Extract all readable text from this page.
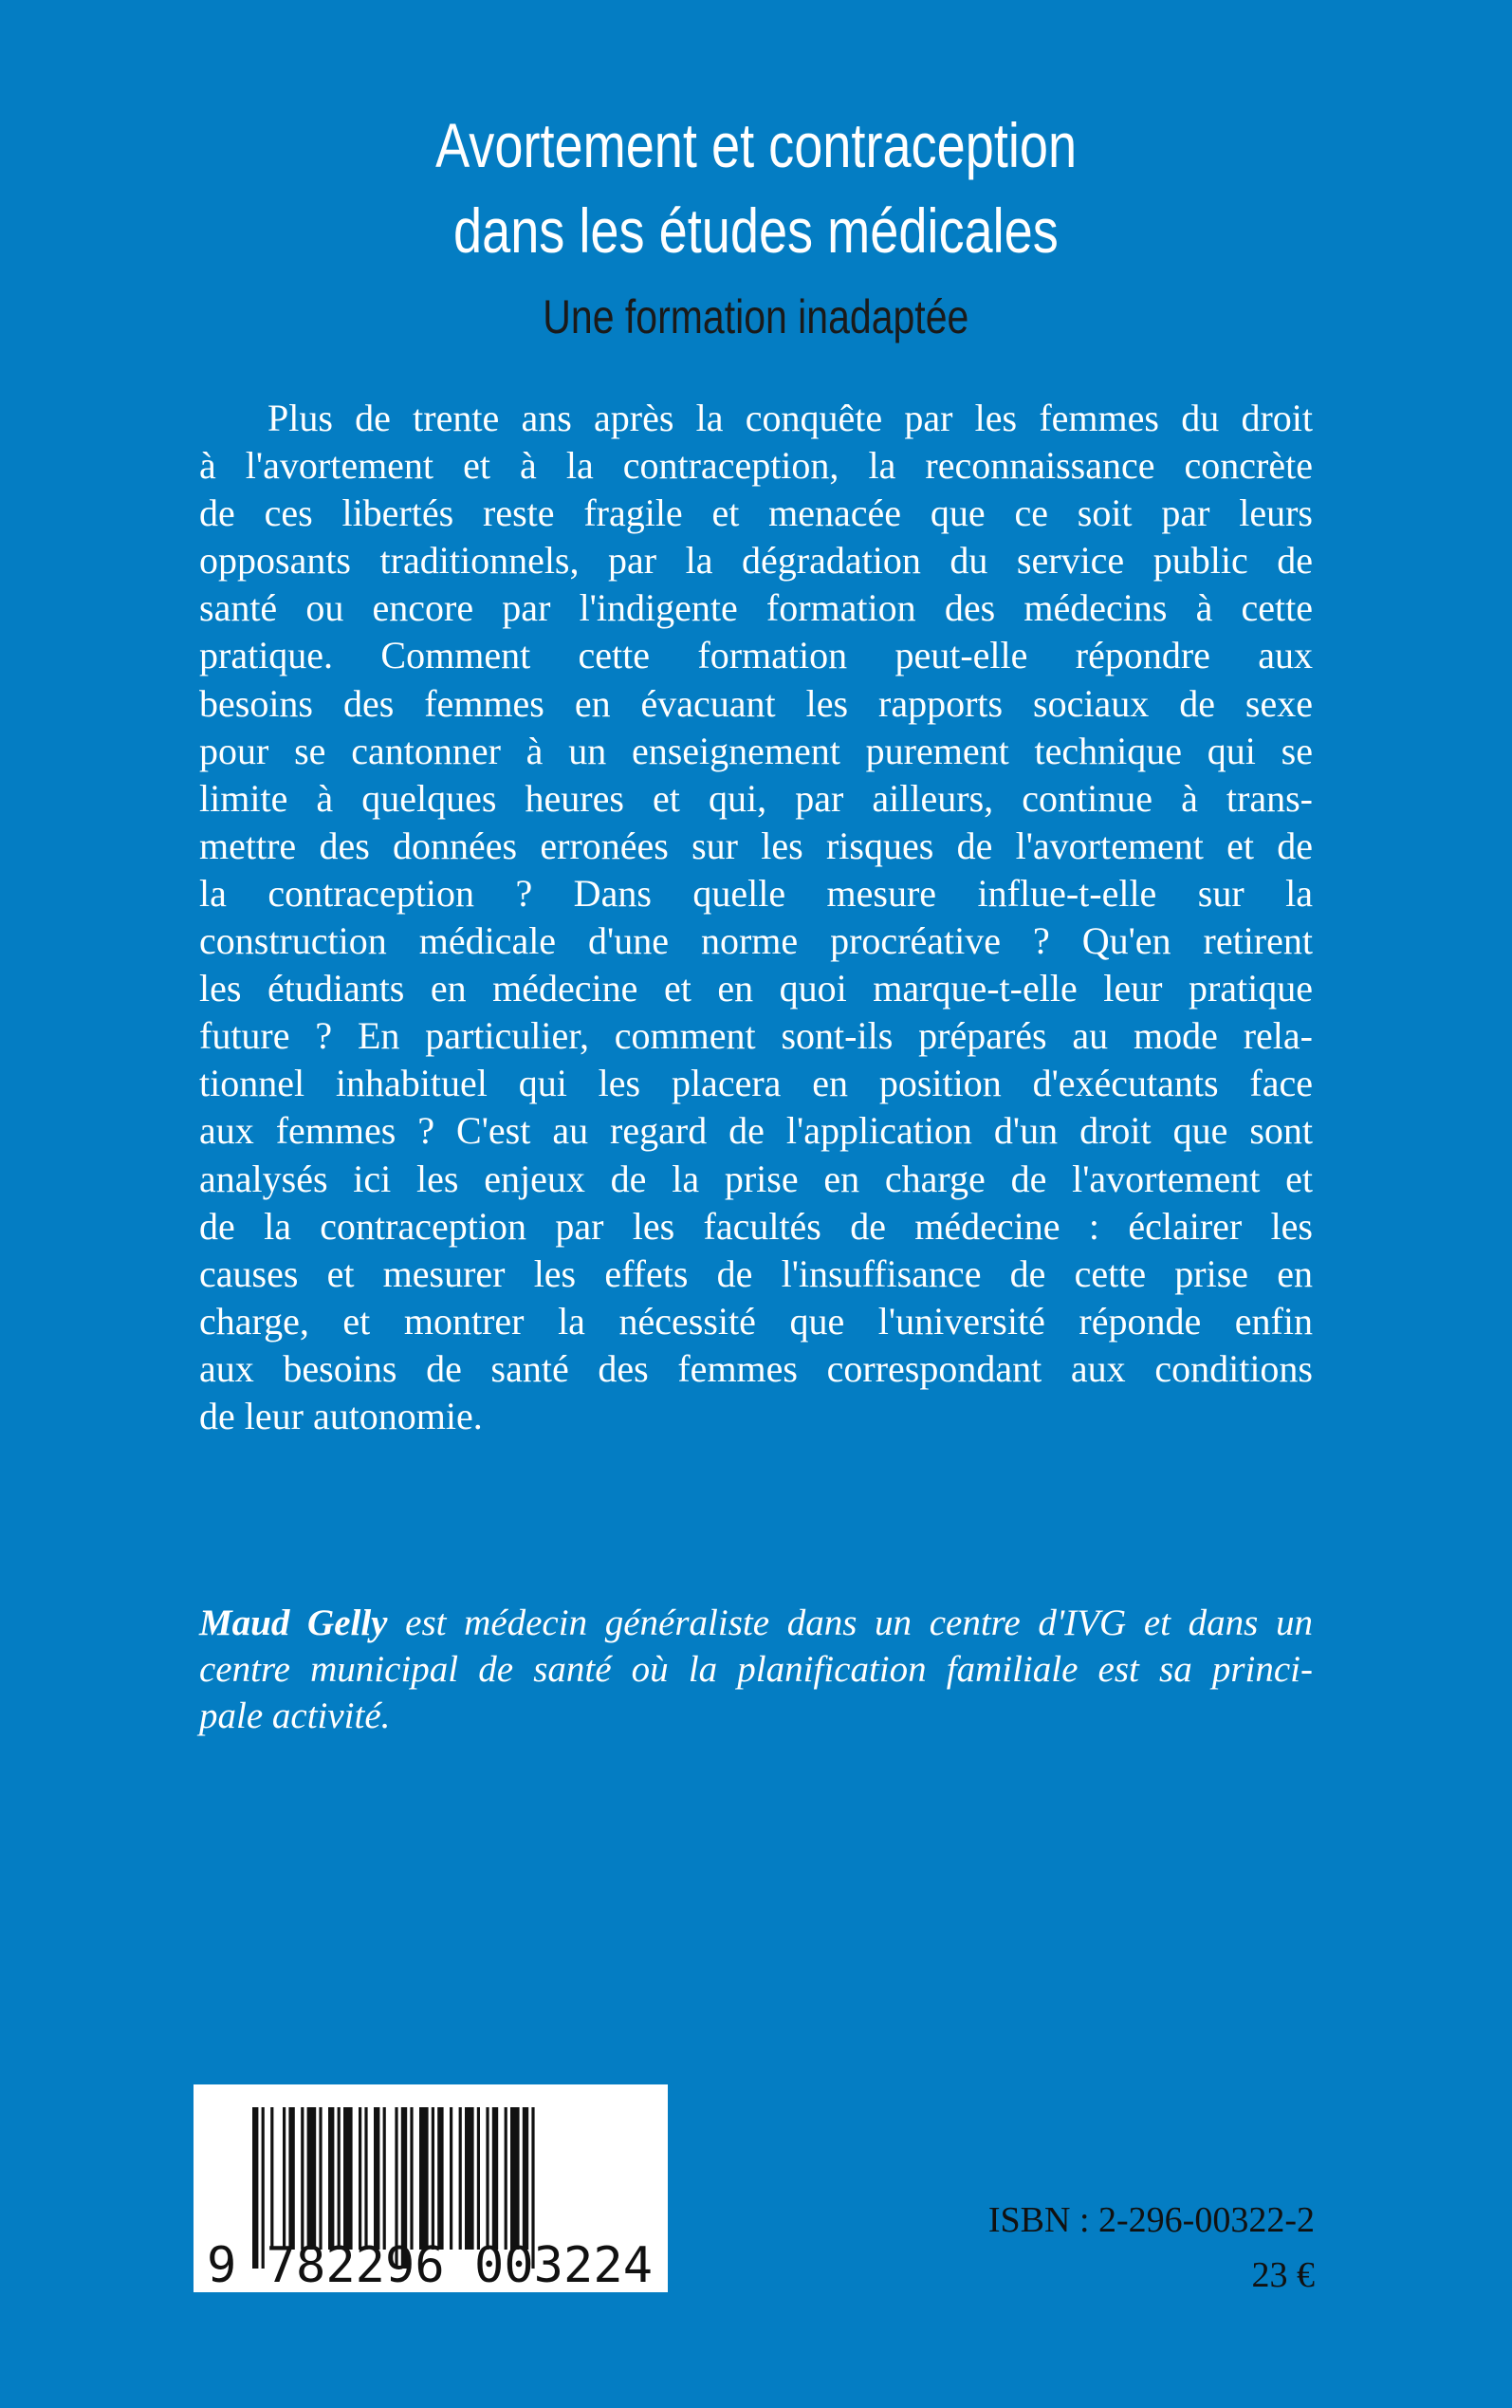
Avortement et contraception
dans les études médicales
Une formation inadaptée
Plus de trente ans après la conquête par les femmes du droit
à l'avortement et à la contraception, la reconnaissance concrète
de ces libertés reste fragile et menacée que ce soit par leurs
opposants traditionnels, par la dégradation du service public de
santé ou encore par l'indigente formation des médecins à cette
pratique. Comment cette formation peut-elle répondre aux
besoins des femmes en évacuant les rapports sociaux de sexe
pour se cantonner à un enseignement purement technique qui se
limite à quelques heures et qui, par ailleurs, continue à trans-
mettre des données erronées sur les risques de l'avortement et de
la contraception ? Dans quelle mesure influe-t-elle sur la
construction médicale d'une norme procréative ? Qu'en retirent
les étudiants en médecine et en quoi marque-t-elle leur pratique
future ? En particulier, comment sont-ils préparés au mode rela-
tionnel inhabituel qui les placera en position d'exécutants face
aux femmes ? C'est au regard de l'application d'un droit que sont
analysés ici les enjeux de la prise en charge de l'avortement et
de la contraception par les facultés de médecine : éclairer les
causes et mesurer les effets de l'insuffisance de cette prise en
charge, et montrer la nécessité que l'université réponde enfin
aux besoins de santé des femmes correspondant aux conditions
de leur autonomie.
Maud Gelly est médecin généraliste dans un centre d'IVG et dans un
centre municipal de santé où la planification familiale est sa princi-
pale activité.
9 782296 003224
ISBN : 2-296-00322-2
23 €
